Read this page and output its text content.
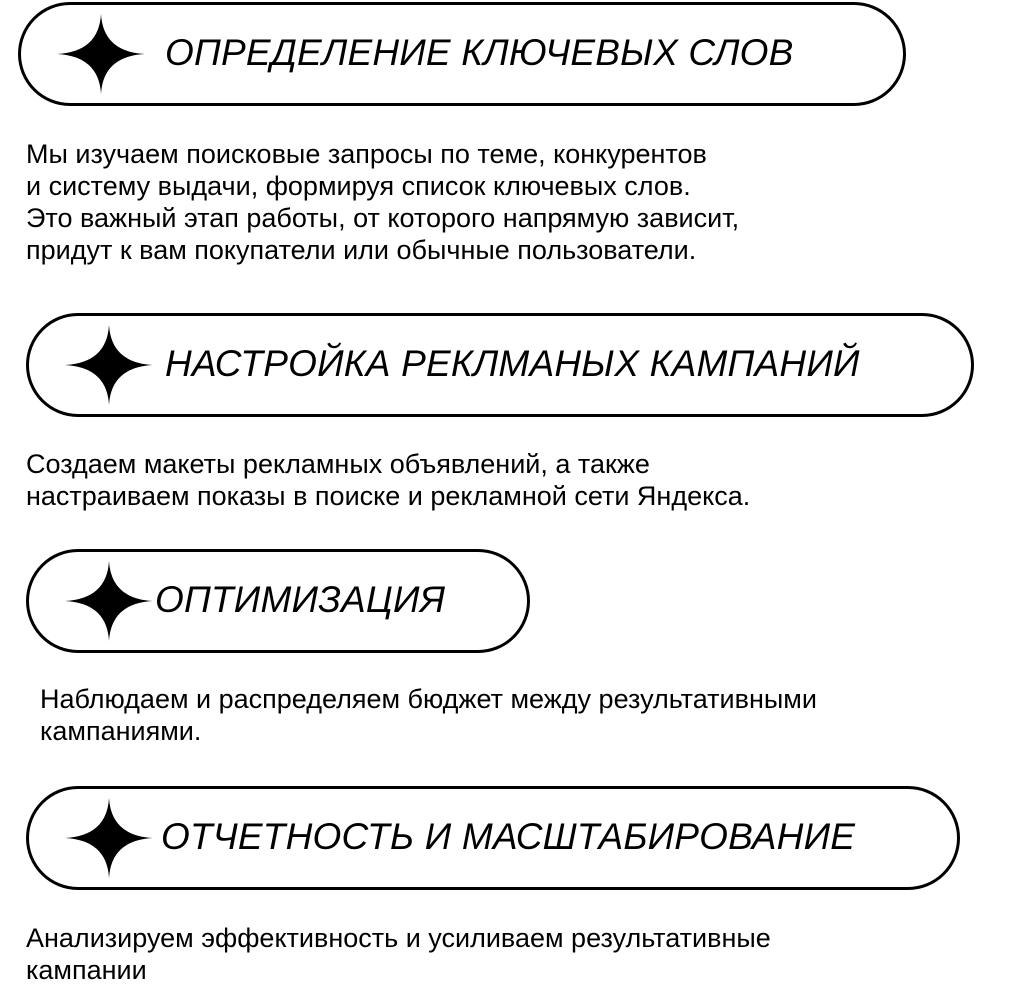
ОПРЕДЕЛЕНИЕ КЛЮЧЕВЫХ СЛОВ

Мы изучаем поисковые запросы по теме, конкурентов
и систему выдачи, формируя список ключевых слов.
Это важный этап работы, от которого напрямую зависит,
придут к вам покупатели или обычные пользователи.

НАСТРОЙКА РЕКЛМАНЫХ КАМПАНИЙ

Создаем макеты рекламных объявлений, а также
настраиваем показы в поиске и рекламной сети Яндекса.

ОПТИМИЗАЦИЯ

Наблюдаем и распределяем бюджет между результативными
кампаниями.

ОТЧЕТНОСТЬ И МАСШТАБИРОВАНИЕ

Анализируем эффективность и усиливаем результативные
кампании
